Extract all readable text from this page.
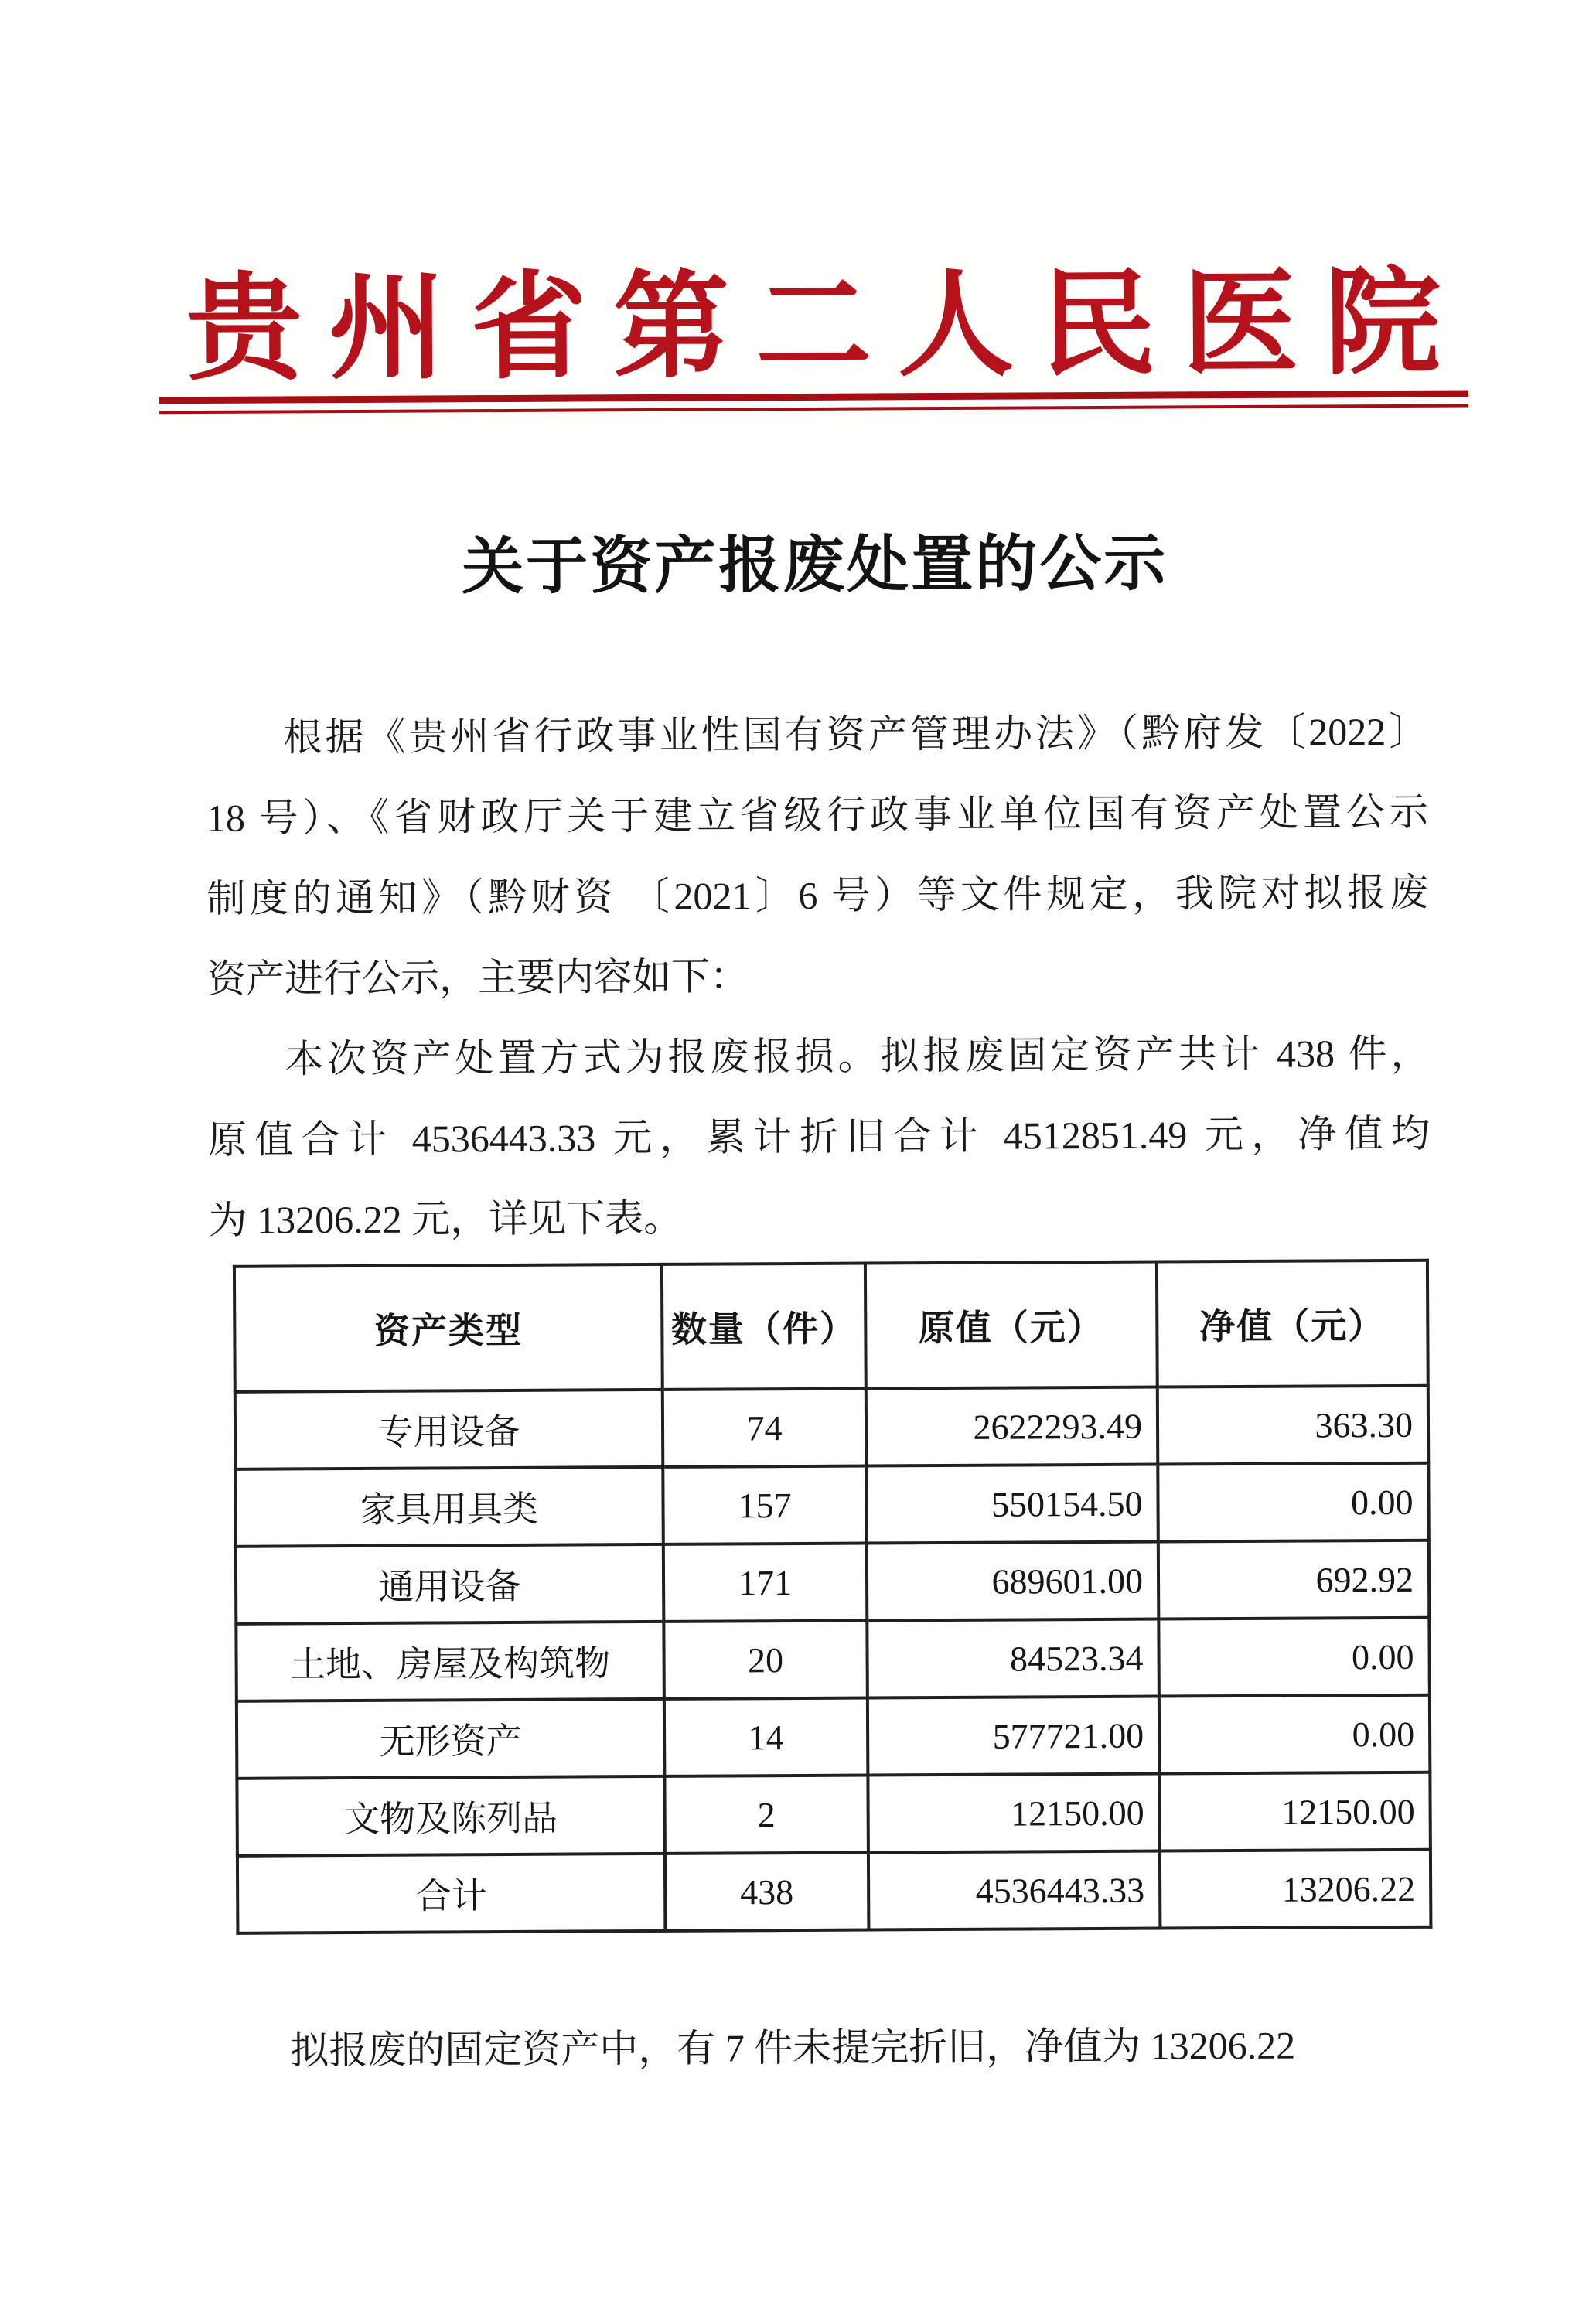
贵州省第二人民医院
关于资产报废处置的公示
根据《贵州省行政事业性国有资产管理办法》（黔府发〔2022〕
18 号）、《省财政厅关于建立省级行政事业单位国有资产处置公示
制度的通知》（黔财资 〔2021〕6 号）等文件规定，我院对拟报废
资产进行公示，主要内容如下：
本次资产处置方式为报废报损。拟报废固定资产共计 438 件，
原值合计 4536443.33 元，累计折旧合计 4512851.49 元，净值均
为 13206.22 元，详见下表。
资产类型	数量（件）	原值（元）	净值（元）
专用设备	74	2622293.49	363.30
家具用具类	157	550154.50	0.00
通用设备	171	689601.00	692.92
土地、房屋及构筑物	20	84523.34	0.00
无形资产	14	577721.00	0.00
文物及陈列品	2	12150.00	12150.00
合计	438	4536443.33	13206.22
拟报废的固定资产中，有 7 件未提完折旧，净值为 13206.22
